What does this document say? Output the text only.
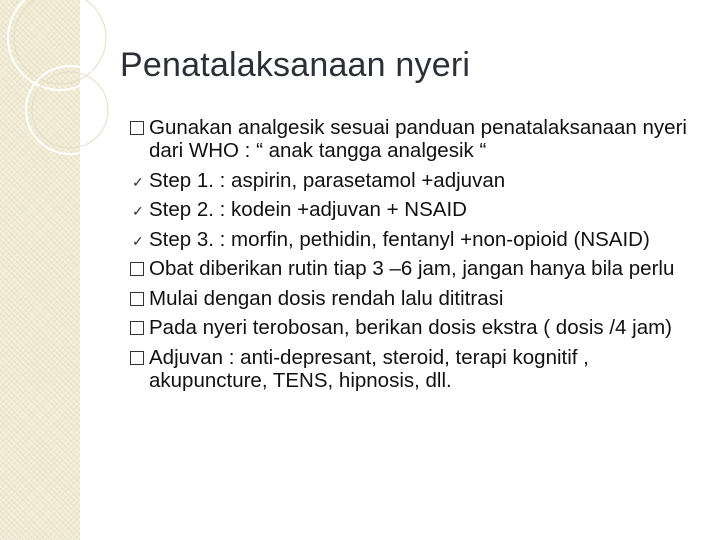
Penatalaksanaan nyeri
Gunakan analgesik sesuai panduan penatalaksanaan nyeri dari WHO : “ anak tangga analgesik “
✓ Step 1. : aspirin, parasetamol +adjuvan
✓ Step 2. : kodein +adjuvan + NSAID
✓ Step 3. : morfin, pethidin, fentanyl +non-opioid (NSAID)
Obat diberikan rutin tiap 3 –6 jam, jangan hanya bila perlu
Mulai dengan dosis rendah lalu dititrasi
Pada nyeri terobosan, berikan dosis ekstra ( dosis /4 jam)
Adjuvan : anti-depresant, steroid, terapi kognitif , akupuncture, TENS, hipnosis, dll.
